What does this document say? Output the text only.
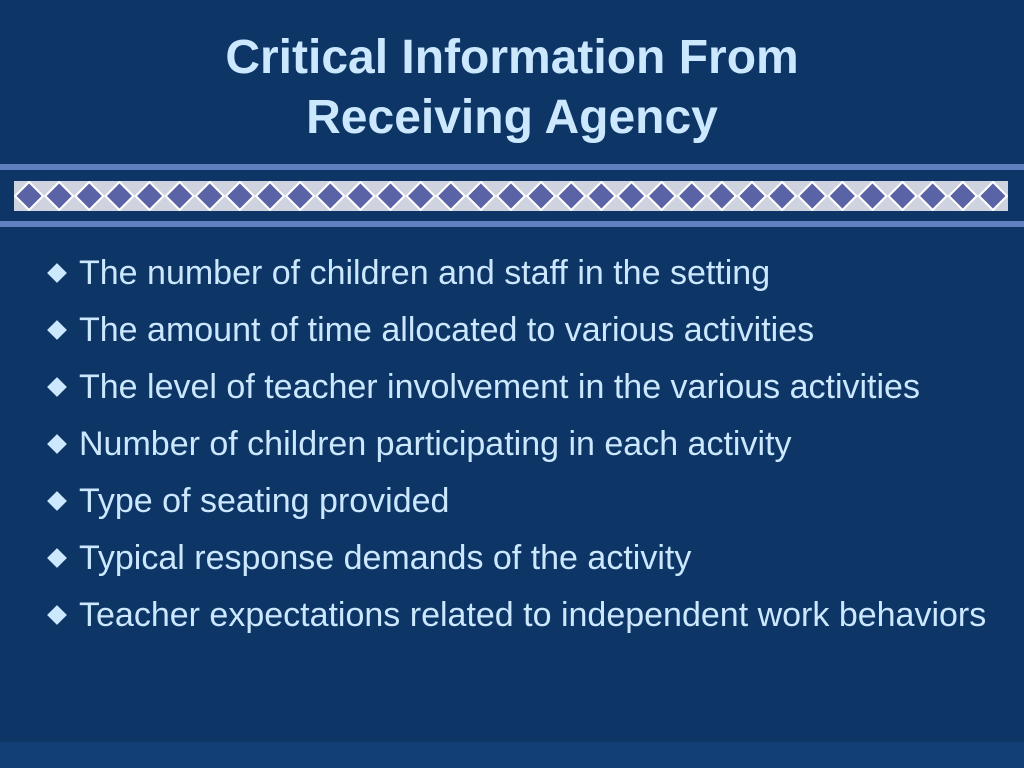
Critical Information From
Receiving Agency
The number of children and staff in the setting
The amount of time allocated to various activities
The level of teacher involvement in the various activities
Number of children participating in each activity
Type of seating provided
Typical response demands of the activity
Teacher expectations related to independent work behaviors
